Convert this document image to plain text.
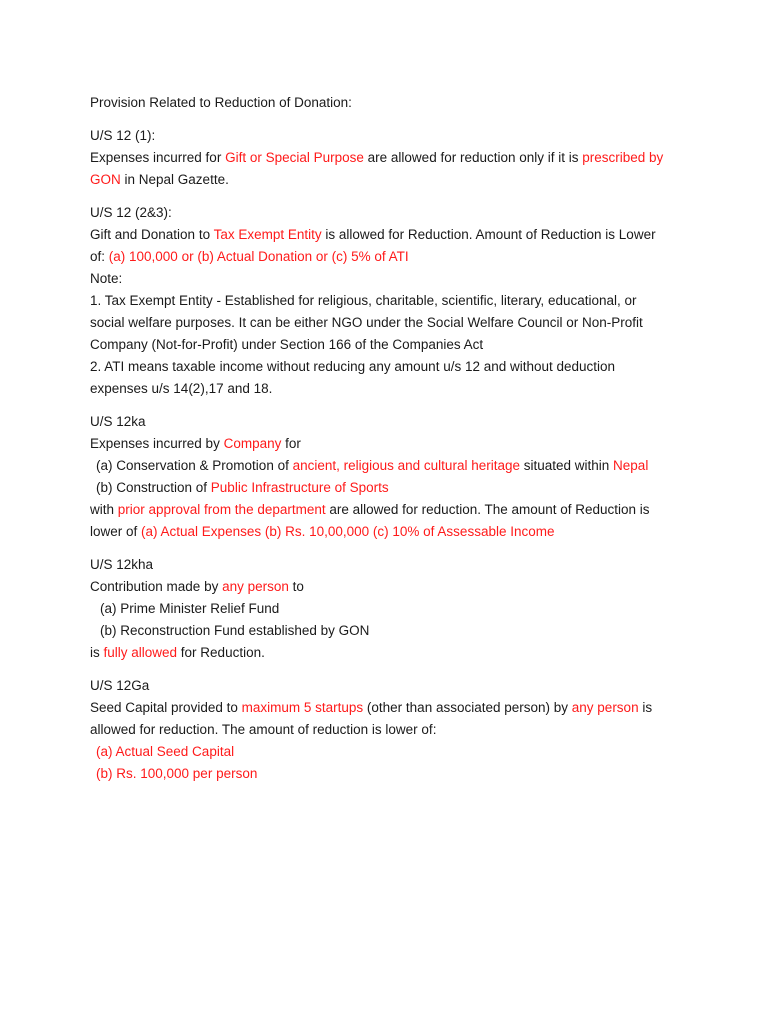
Provision Related to Reduction of Donation:

U/S 12 (1):

Expenses incurred for Gift or Special Purpose are allowed for reduction only if it is prescribed by

GON in Nepal Gazette.

U/S 12 (2&3):

Gift and Donation to Tax Exempt Entity is allowed for Reduction. Amount of Reduction is Lower

of: (a) 100,000 or (b) Actual Donation or (c) 5% of ATI

Note:

1. Tax Exempt Entity - Established for religious, charitable, scientific, literary, educational, or

social welfare purposes. It can be either NGO under the Social Welfare Council or Non-Profit

Company (Not-for-Profit) under Section 166 of the Companies Act

2. ATI means taxable income without reducing any amount u/s 12 and without deduction

expenses u/s 14(2),17 and 18.

U/S 12ka

Expenses incurred by Company for

(a) Conservation & Promotion of ancient, religious and cultural heritage situated within Nepal

(b) Construction of Public Infrastructure of Sports

with prior approval from the department are allowed for reduction. The amount of Reduction is

lower of (a) Actual Expenses (b) Rs. 10,00,000 (c) 10% of Assessable Income

U/S 12kha

Contribution made by any person to

(a) Prime Minister Relief Fund

(b) Reconstruction Fund established by GON

is fully allowed for Reduction.

U/S 12Ga

Seed Capital provided to maximum 5 startups (other than associated person) by any person is

allowed for reduction. The amount of reduction is lower of:

(a) Actual Seed Capital

(b) Rs. 100,000 per person
